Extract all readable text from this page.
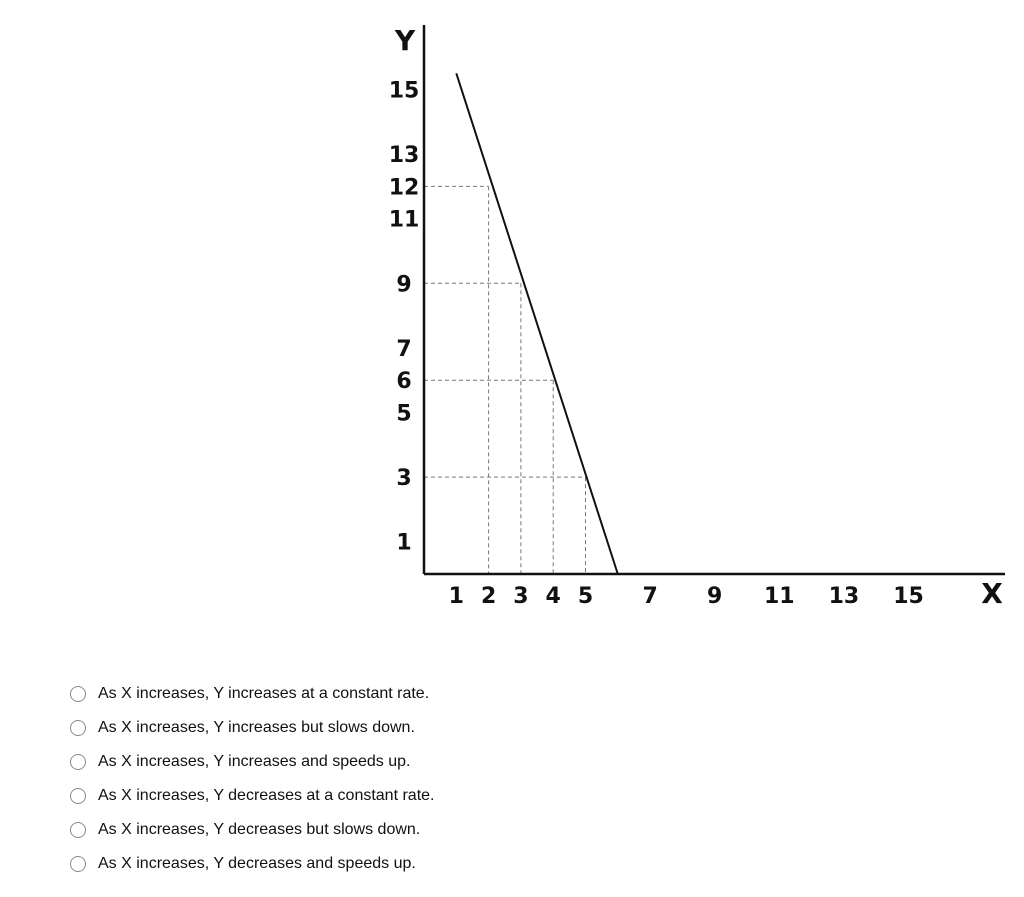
1
3
5
6
7
9
11
12
13
15
1 2 3 4 5 7 9 11 13 15
Y
X
As X increases, Y increases at a constant rate.
As X increases, Y increases but slows down.
As X increases, Y increases and speeds up.
As X increases, Y decreases at a constant rate.
As X increases, Y decreases but slows down.
As X increases, Y decreases and speeds up.
